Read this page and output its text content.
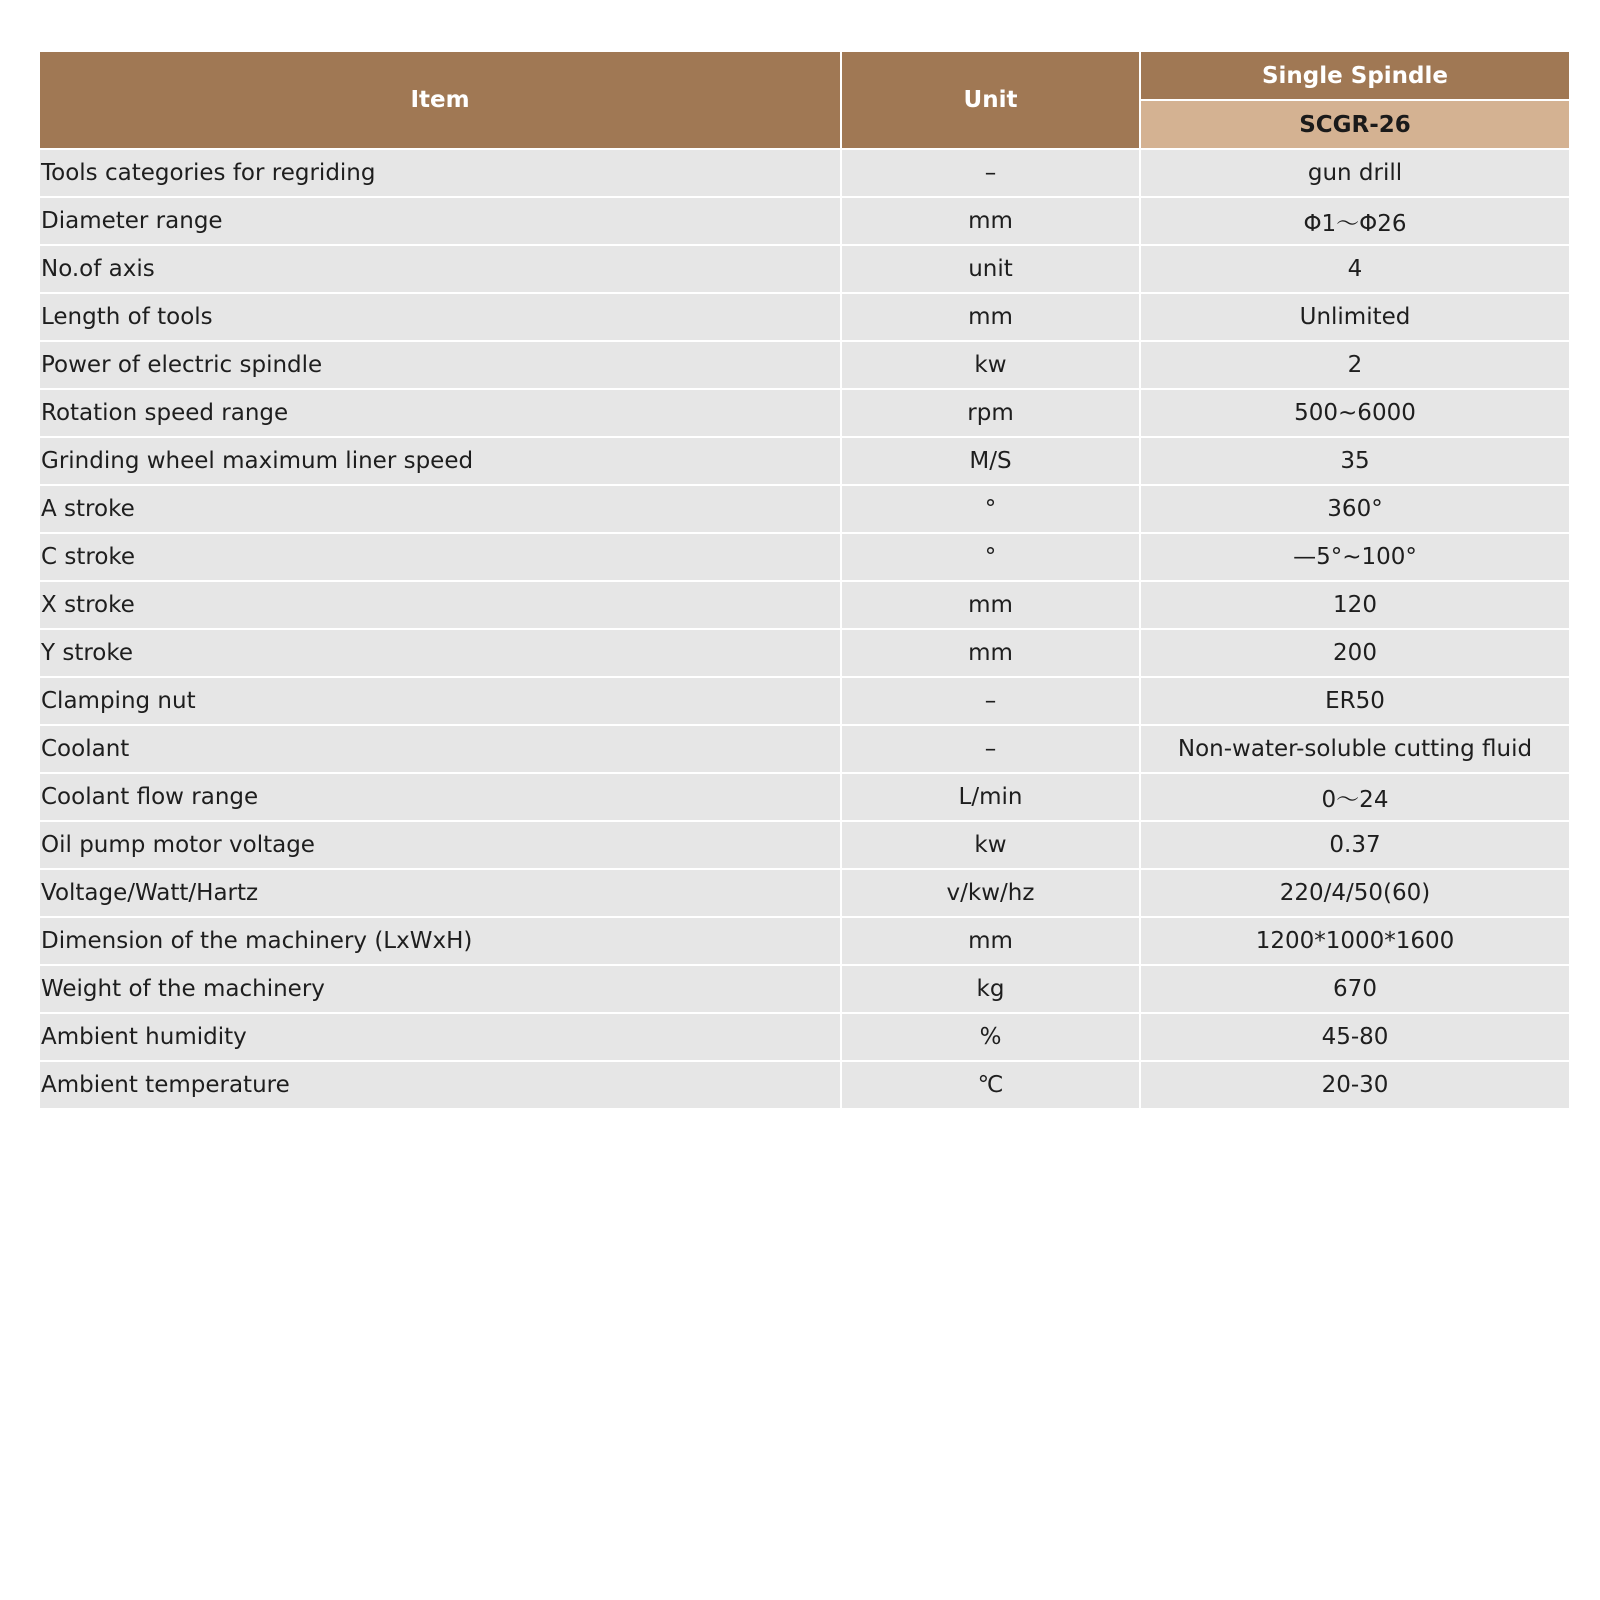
Item	Unit	Single Spindle
		SCGR-26
Tools categories for regriding	–	gun drill
Diameter range	mm	Φ1～Φ26
No.of axis	unit	4
Length of tools	mm	Unlimited
Power of electric spindle	kw	2
Rotation speed range	rpm	500~6000
Grinding wheel maximum liner speed	M/S	35
A stroke	°	360°
C stroke	°	—5°~100°
X stroke	mm	120
Y stroke	mm	200
Clamping nut	–	ER50
Coolant	–	Non-water-soluble cutting fluid
Coolant flow range	L/min	0～24
Oil pump motor voltage	kw	0.37
Voltage/Watt/Hartz	v/kw/hz	220/4/50(60)
Dimension of the machinery (LxWxH)	mm	1200*1000*1600
Weight of the machinery	kg	670
Ambient humidity	%	45-80
Ambient temperature	℃	20-30
